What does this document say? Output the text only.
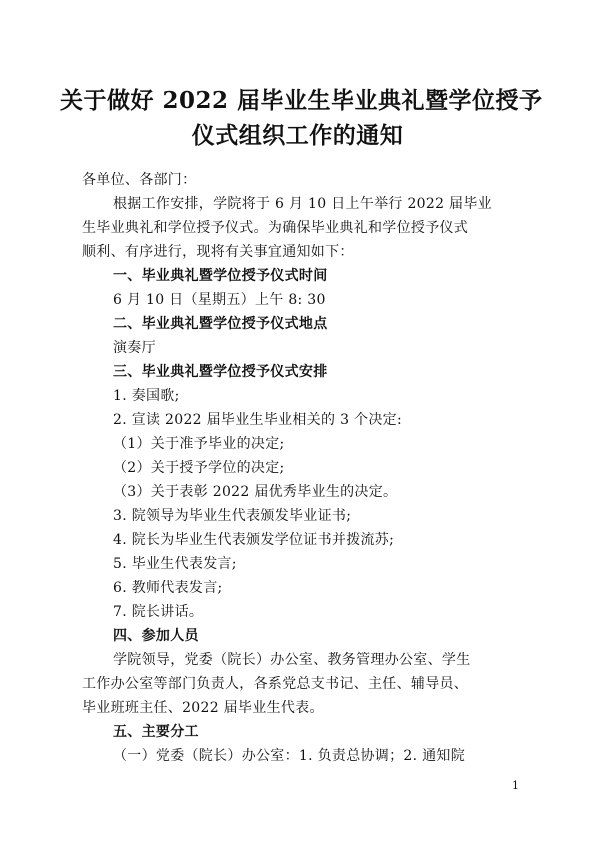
关于做好 2022 届毕业生毕业典礼暨学位授予
仪式组织工作的通知
各单位、各部门：
根据工作安排，学院将于 6 月 10 日上午举行 2022 届毕业
生毕业典礼和学位授予仪式。为确保毕业典礼和学位授予仪式
顺利、有序进行，现将有关事宜通知如下：
一、毕业典礼暨学位授予仪式时间
6 月 10 日（星期五）上午 8: 30
二、毕业典礼暨学位授予仪式地点
演奏厅
三、毕业典礼暨学位授予仪式安排
1. 奏国歌;
2. 宣读 2022 届毕业生毕业相关的 3 个决定:
（1）关于准予毕业的决定;
（2）关于授予学位的决定;
（3）关于表彰 2022 届优秀毕业生的决定。
3. 院领导为毕业生代表颁发毕业证书;
4. 院长为毕业生代表颁发学位证书并拨流苏;
5. 毕业生代表发言;
6. 教师代表发言;
7. 院长讲话。
四、参加人员
学院领导，党委（院长）办公室、教务管理办公室、学生
工作办公室等部门负责人，各系党总支书记、主任、辅导员、
毕业班班主任、2022 届毕业生代表。
五、主要分工
（一）党委（院长）办公室：1. 负责总协调；2. 通知院
1
